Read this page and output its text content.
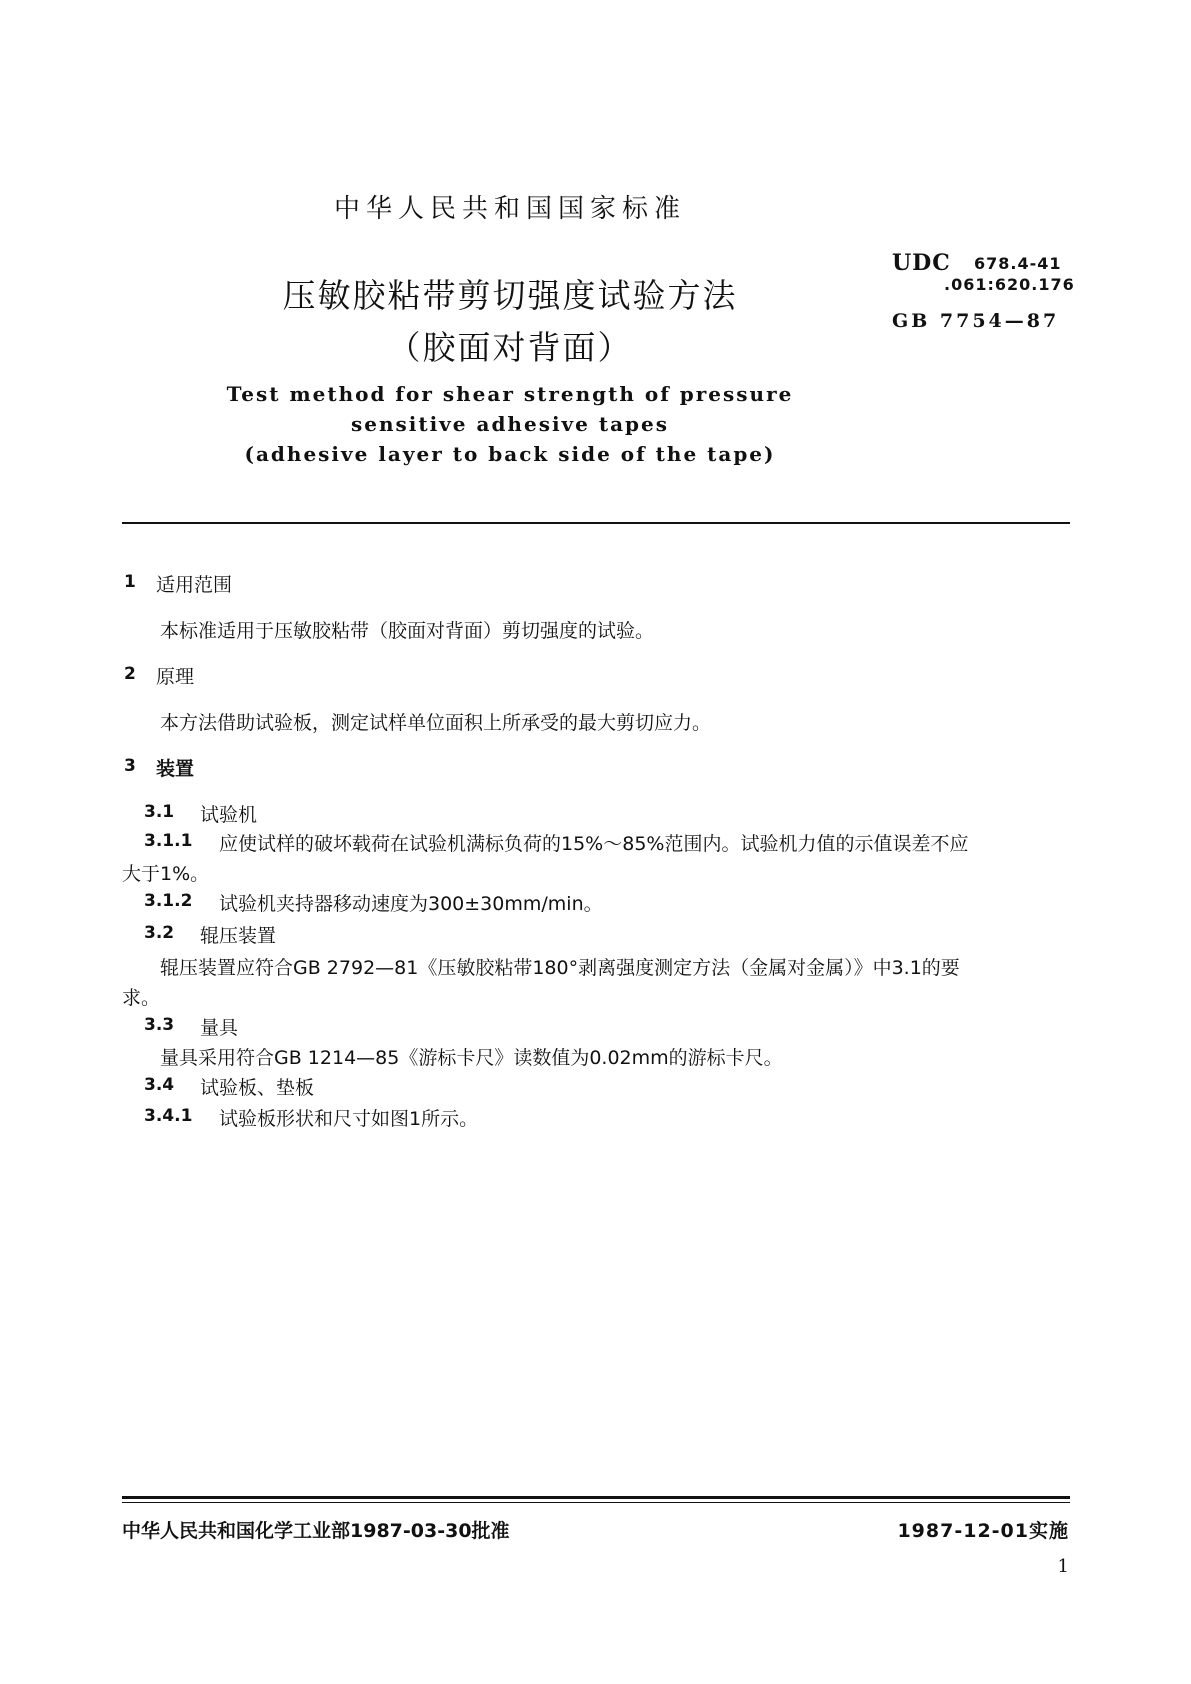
中华人民共和国国家标准
压敏胶粘带剪切强度试验方法
（胶面对背面）
UDC 678.4-41
.061:620.176
GB 7754—87
Test method for shear strength of pressure
sensitive adhesive tapes
(adhesive layer to back side of the tape)
1 适用范围
本标准适用于压敏胶粘带（胶面对背面）剪切强度的试验。
2 原理
本方法借助试验板，测定试样单位面积上所承受的最大剪切应力。
3 装置
3.1 试验机
3.1.1 应使试样的破坏载荷在试验机满标负荷的15%～85%范围内。试验机力值的示值误差不应
大于1%。
3.1.2 试验机夹持器移动速度为300±30mm/min。
3.2 辊压装置
辊压装置应符合GB 2792—81《压敏胶粘带180°剥离强度测定方法（金属对金属）》中3.1的要
求。
3.3 量具
量具采用符合GB 1214—85《游标卡尺》读数值为0.02mm的游标卡尺。
3.4 试验板、垫板
3.4.1 试验板形状和尺寸如图1所示。
中华人民共和国化学工业部1987-03-30批准	1987-12-01实施
1
